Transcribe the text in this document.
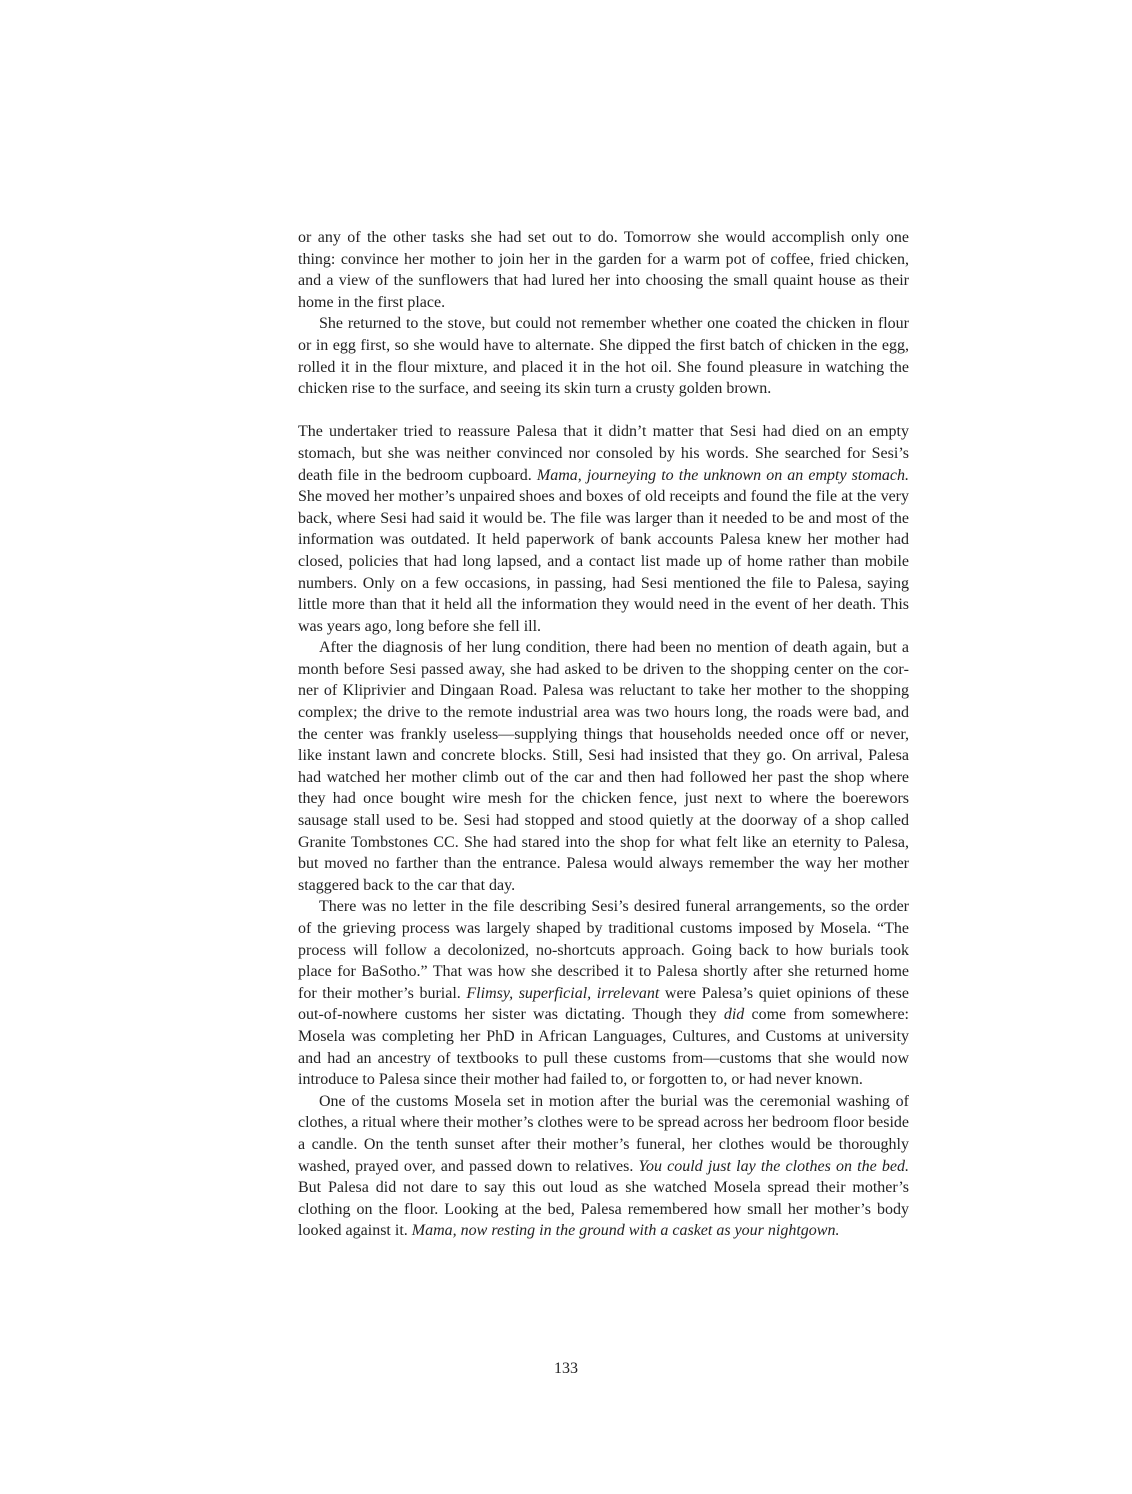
or any of the other tasks she had set out to do. Tomorrow she would accomplish only one thing: convince her mother to join her in the garden for a warm pot of coffee, fried chicken, and a view of the sunflowers that had lured her into choosing the small quaint house as their home in the first place.

She returned to the stove, but could not remember whether one coated the chicken in flour or in egg first, so she would have to alternate. She dipped the first batch of chicken in the egg, rolled it in the flour mixture, and placed it in the hot oil. She found pleasure in watching the chicken rise to the surface, and seeing its skin turn a crusty golden brown.

The undertaker tried to reassure Palesa that it didn’t matter that Sesi had died on an empty stomach, but she was neither convinced nor consoled by his words. She searched for Sesi’s death file in the bedroom cupboard. Mama, journeying to the unknown on an empty stomach. She moved her mother’s unpaired shoes and boxes of old receipts and found the file at the very back, where Sesi had said it would be. The file was larger than it needed to be and most of the information was outdated. It held paperwork of bank accounts Palesa knew her mother had closed, policies that had long lapsed, and a contact list made up of home rather than mobile numbers. Only on a few occasions, in passing, had Sesi mentioned the file to Palesa, saying little more than that it held all the information they would need in the event of her death. This was years ago, long before she fell ill.

After the diagnosis of her lung condition, there had been no mention of death again, but a month before Sesi passed away, she had asked to be driven to the shopping center on the corner of Kliprivier and Dingaan Road. Palesa was reluctant to take her mother to the shopping complex; the drive to the remote industrial area was two hours long, the roads were bad, and the center was frankly useless—supplying things that households needed once off or never, like instant lawn and concrete blocks. Still, Sesi had insisted that they go. On arrival, Palesa had watched her mother climb out of the car and then had followed her past the shop where they had once bought wire mesh for the chicken fence, just next to where the boerewors sausage stall used to be. Sesi had stopped and stood quietly at the doorway of a shop called Granite Tombstones CC. She had stared into the shop for what felt like an eternity to Palesa, but moved no farther than the entrance. Palesa would always remember the way her mother staggered back to the car that day.

There was no letter in the file describing Sesi’s desired funeral arrangements, so the order of the grieving process was largely shaped by traditional customs imposed by Mosela. “The process will follow a decolonized, no-shortcuts approach. Going back to how burials took place for BaSotho.” That was how she described it to Palesa shortly after she returned home for their mother’s burial. Flimsy, superficial, irrelevant were Palesa’s quiet opinions of these out-of-nowhere customs her sister was dictating. Though they did come from somewhere: Mosela was completing her PhD in African Languages, Cultures, and Customs at university and had an ancestry of textbooks to pull these customs from—customs that she would now introduce to Palesa since their mother had failed to, or forgotten to, or had never known.

One of the customs Mosela set in motion after the burial was the ceremonial washing of clothes, a ritual where their mother’s clothes were to be spread across her bedroom floor beside a candle. On the tenth sunset after their mother’s funeral, her clothes would be thoroughly washed, prayed over, and passed down to relatives. You could just lay the clothes on the bed. But Palesa did not dare to say this out loud as she watched Mosela spread their mother’s clothing on the floor. Looking at the bed, Palesa remembered how small her mother’s body looked against it. Mama, now resting in the ground with a casket as your nightgown.

133
